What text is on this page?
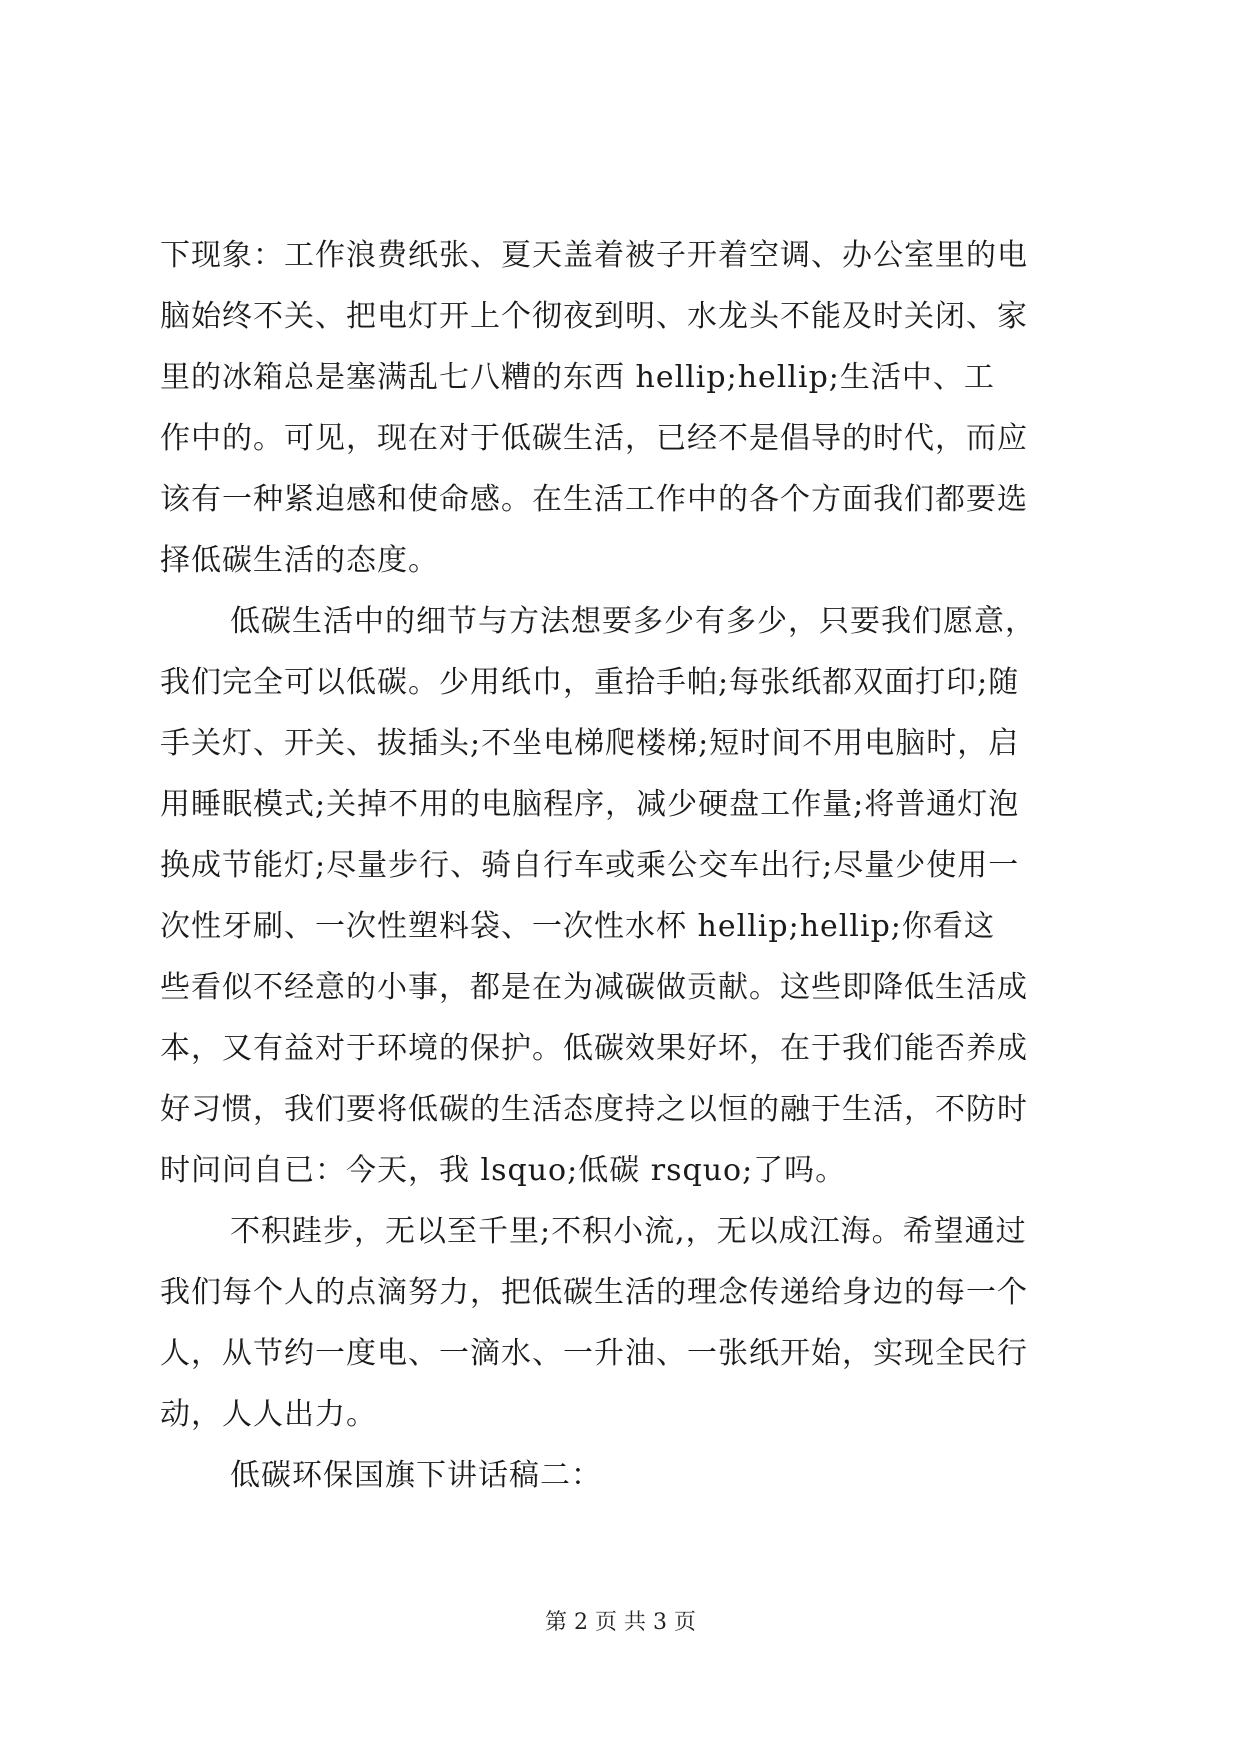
下现象：工作浪费纸张、夏天盖着被子开着空调、办公室里的电
脑始终不关、把电灯开上个彻夜到明、水龙头不能及时关闭、家
里的冰箱总是塞满乱七八糟的东西 hellip;hellip;生活中、工
作中的。可见，现在对于低碳生活，已经不是倡导的时代，而应
该有一种紧迫感和使命感。在生活工作中的各个方面我们都要选
择低碳生活的态度。
低碳生活中的细节与方法想要多少有多少，只要我们愿意，
我们完全可以低碳。少用纸巾，重拾手帕;每张纸都双面打印;随
手关灯、开关、拔插头;不坐电梯爬楼梯;短时间不用电脑时，启
用睡眠模式;关掉不用的电脑程序，减少硬盘工作量;将普通灯泡
换成节能灯;尽量步行、骑自行车或乘公交车出行;尽量少使用一
次性牙刷、一次性塑料袋、一次性水杯 hellip;hellip;你看这
些看似不经意的小事，都是在为减碳做贡献。这些即降低生活成
本，又有益对于环境的保护。低碳效果好坏，在于我们能否养成
好习惯，我们要将低碳的生活态度持之以恒的融于生活，不防时
时问问自已：今天，我 lsquo;低碳 rsquo;了吗。
不积跬步，无以至千里;不积小流,，无以成江海。希望通过
我们每个人的点滴努力，把低碳生活的理念传递给身边的每一个
人，从节约一度电、一滴水、一升油、一张纸开始，实现全民行
动，人人出力。
低碳环保国旗下讲话稿二：
第 2 页 共 3 页
